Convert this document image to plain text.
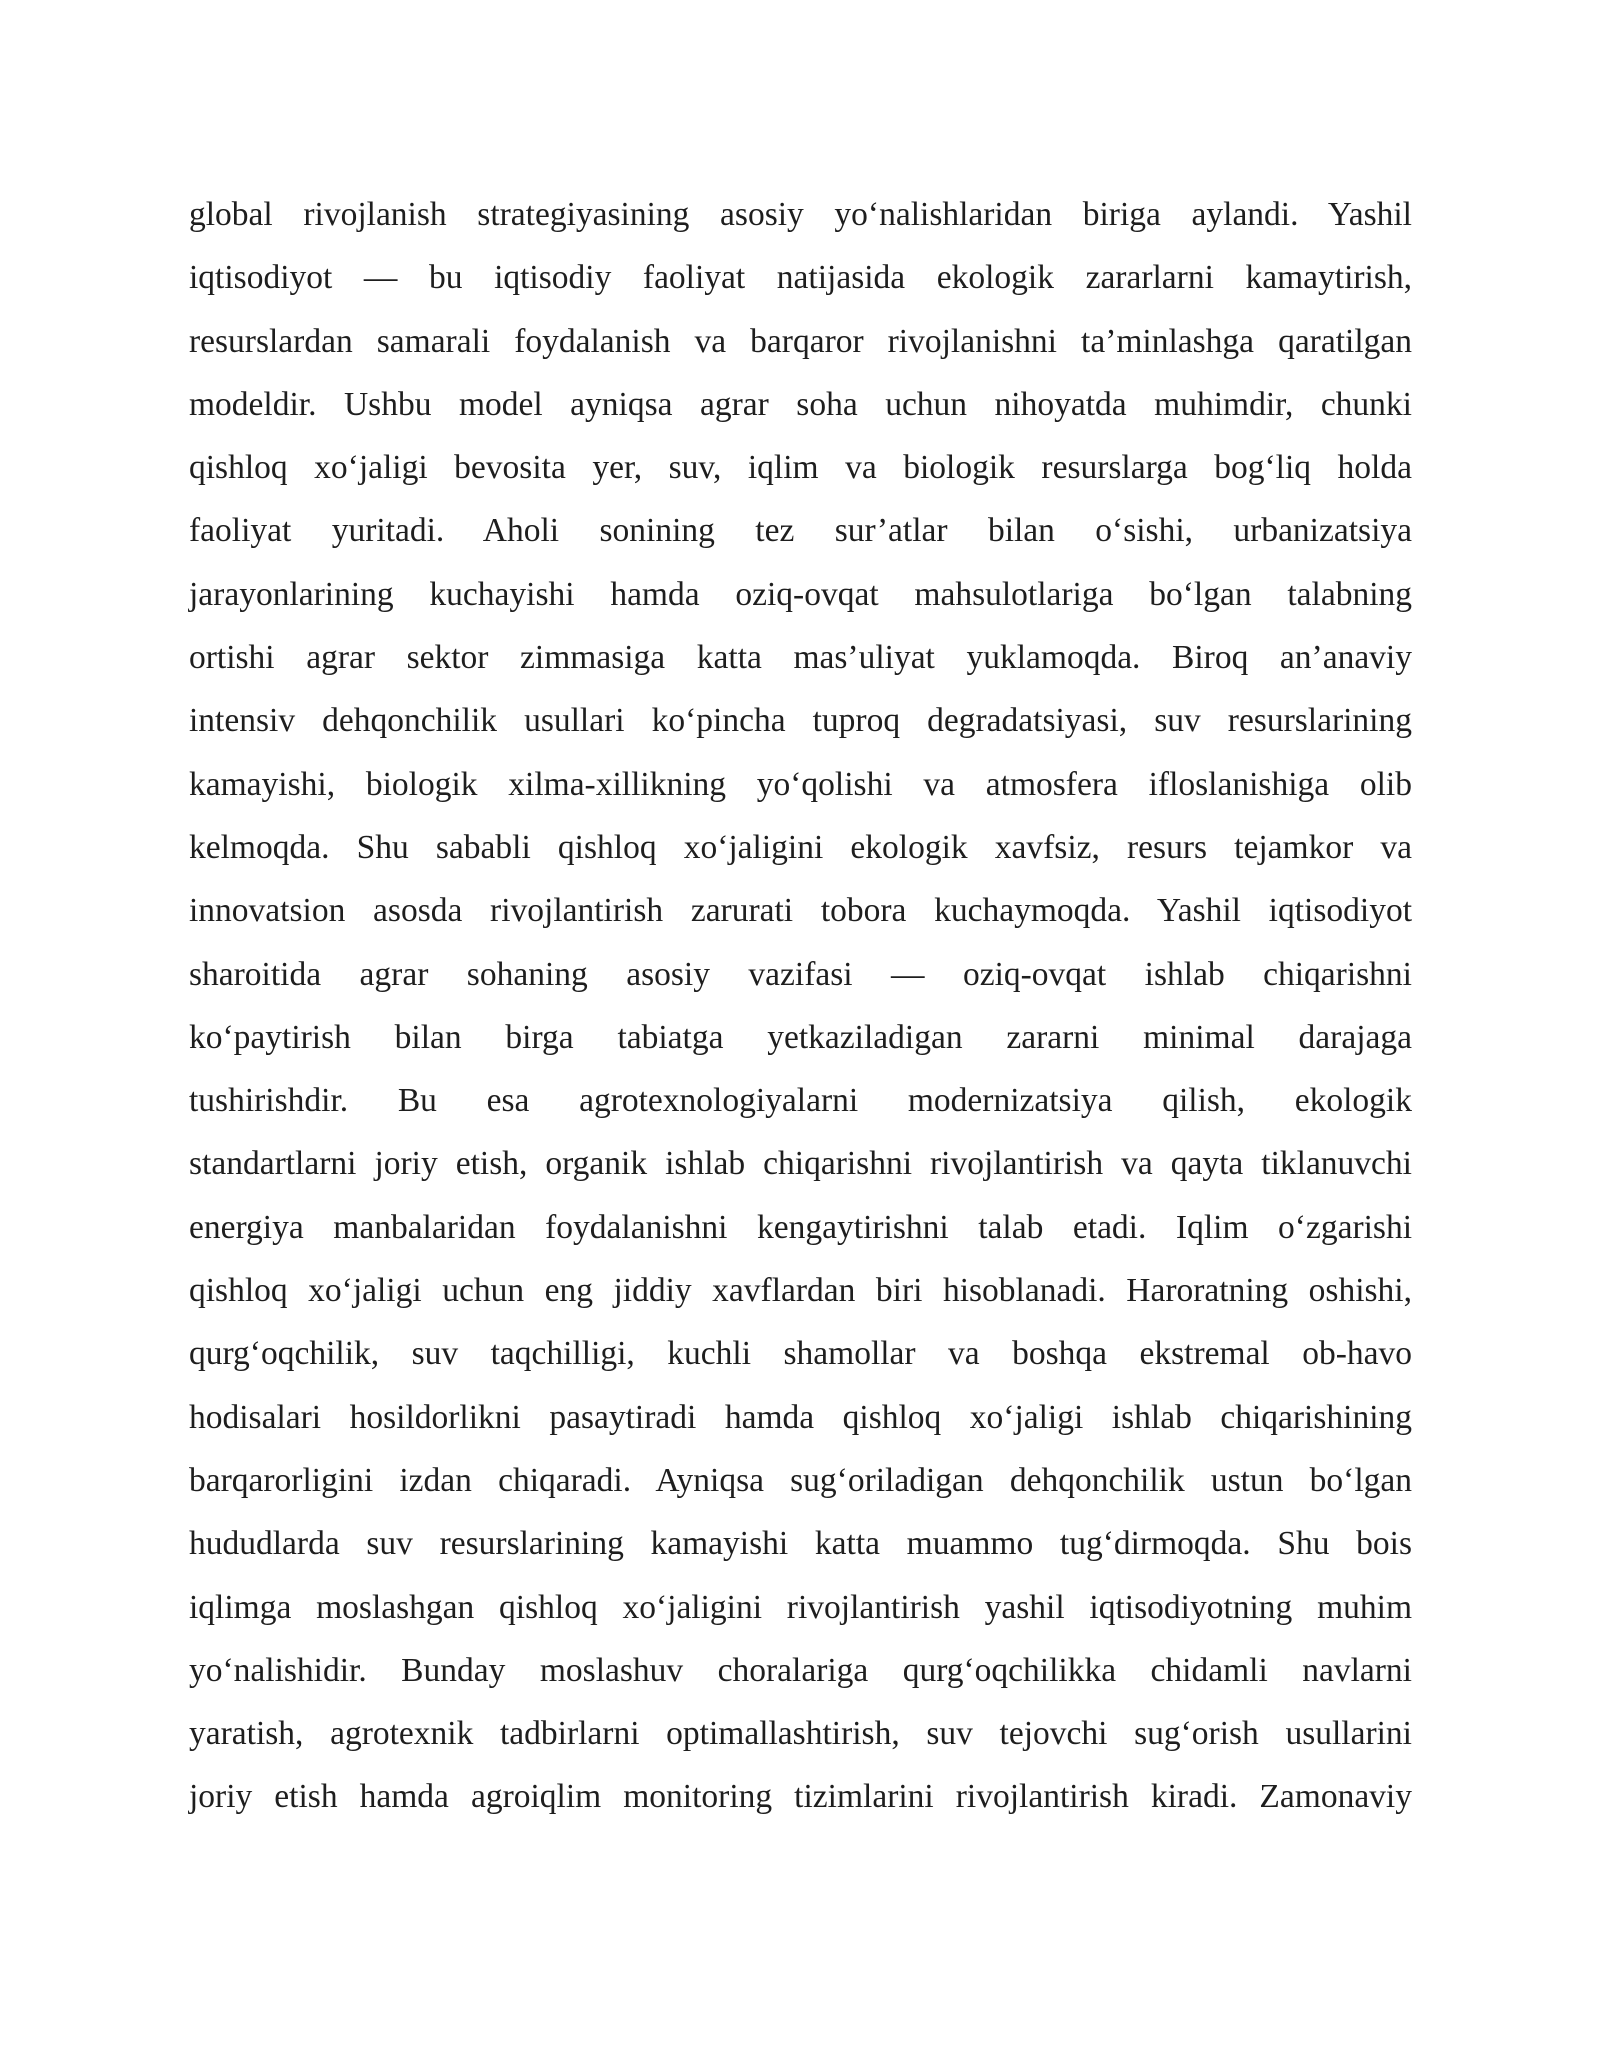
global rivojlanish strategiyasining asosiy yo‘nalishlaridan biriga aylandi. Yashil
iqtisodiyot — bu iqtisodiy faoliyat natijasida ekologik zararlarni kamaytirish,
resurslardan samarali foydalanish va barqaror rivojlanishni ta’minlashga qaratilgan
modeldir. Ushbu model ayniqsa agrar soha uchun nihoyatda muhimdir, chunki
qishloq xo‘jaligi bevosita yer, suv, iqlim va biologik resurslarga bog‘liq holda
faoliyat yuritadi. Aholi sonining tez sur’atlar bilan o‘sishi, urbanizatsiya
jarayonlarining kuchayishi hamda oziq-ovqat mahsulotlariga bo‘lgan talabning
ortishi agrar sektor zimmasiga katta mas’uliyat yuklamoqda. Biroq an’anaviy
intensiv dehqonchilik usullari ko‘pincha tuproq degradatsiyasi, suv resurslarining
kamayishi, biologik xilma-xillikning yo‘qolishi va atmosfera ifloslanishiga olib
kelmoqda. Shu sababli qishloq xo‘jaligini ekologik xavfsiz, resurs tejamkor va
innovatsion asosda rivojlantirish zarurati tobora kuchaymoqda. Yashil iqtisodiyot
sharoitida agrar sohaning asosiy vazifasi — oziq-ovqat ishlab chiqarishni
ko‘paytirish bilan birga tabiatga yetkaziladigan zararni minimal darajaga
tushirishdir. Bu esa agrotexnologiyalarni modernizatsiya qilish, ekologik
standartlarni joriy etish, organik ishlab chiqarishni rivojlantirish va qayta tiklanuvchi
energiya manbalaridan foydalanishni kengaytirishni talab etadi. Iqlim o‘zgarishi
qishloq xo‘jaligi uchun eng jiddiy xavflardan biri hisoblanadi. Haroratning oshishi,
qurg‘oqchilik, suv taqchilligi, kuchli shamollar va boshqa ekstremal ob-havo
hodisalari hosildorlikni pasaytiradi hamda qishloq xo‘jaligi ishlab chiqarishining
barqarorligini izdan chiqaradi. Ayniqsa sug‘oriladigan dehqonchilik ustun bo‘lgan
hududlarda suv resurslarining kamayishi katta muammo tug‘dirmoqda. Shu bois
iqlimga moslashgan qishloq xo‘jaligini rivojlantirish yashil iqtisodiyotning muhim
yo‘nalishidir. Bunday moslashuv choralariga qurg‘oqchilikka chidamli navlarni
yaratish, agrotexnik tadbirlarni optimallashtirish, suv tejovchi sug‘orish usullarini
joriy etish hamda agroiqlim monitoring tizimlarini rivojlantirish kiradi. Zamonaviy
